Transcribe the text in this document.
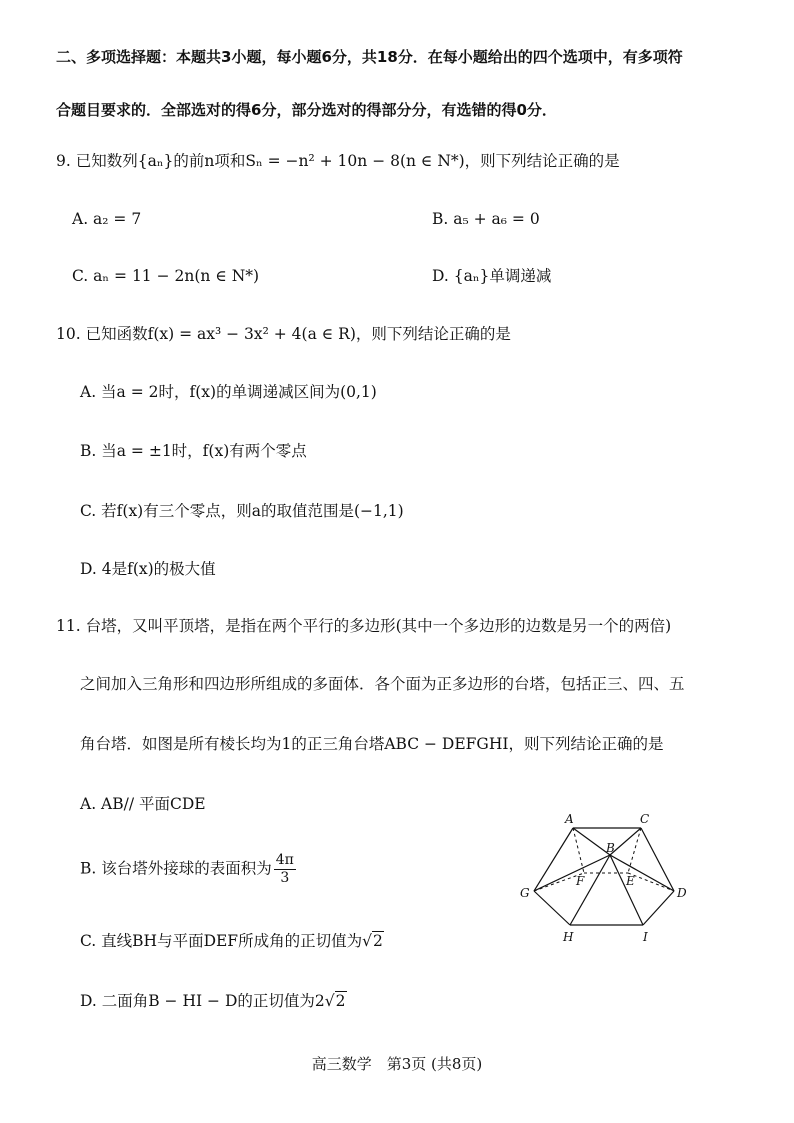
二、多项选择题：本题共3小题，每小题6分，共18分．在每小题给出的四个选项中，有多项符
合题目要求的．全部选对的得6分，部分选对的得部分分，有选错的得0分．
9. 已知数列{aₙ}的前n项和Sₙ = −n² + 10n − 8(n ∈ N*)，则下列结论正确的是
A. a₂ = 7	B. a₅ + a₆ = 0
C. aₙ = 11 − 2n(n ∈ N*)	D. {aₙ}单调递减
10. 已知函数f(x) = ax³ − 3x² + 4(a ∈ R)，则下列结论正确的是
A. 当a = 2时，f(x)的单调递减区间为(0,1)
B. 当a = ±1时，f(x)有两个零点
C. 若f(x)有三个零点，则a的取值范围是(−1,1)
D. 4是f(x)的极大值
11. 台塔，又叫平顶塔，是指在两个平行的多边形(其中一个多边形的边数是另一个的两倍)
之间加入三角形和四边形所组成的多面体．各个面为正多边形的台塔，包括正三、四、五
角台塔．如图是所有棱长均为1的正三角台塔ABC − DEFGHI，则下列结论正确的是
A. AB// 平面CDE
B. 该台塔外接球的表面积为 $\frac{4\pi}{3}$
C. 直线BH与平面DEF所成角的正切值为√2
D. 二面角B − HI − D的正切值为2√2
A	C
B
F	E
G	D
H	I
高三数学　第3页 (共8页)
